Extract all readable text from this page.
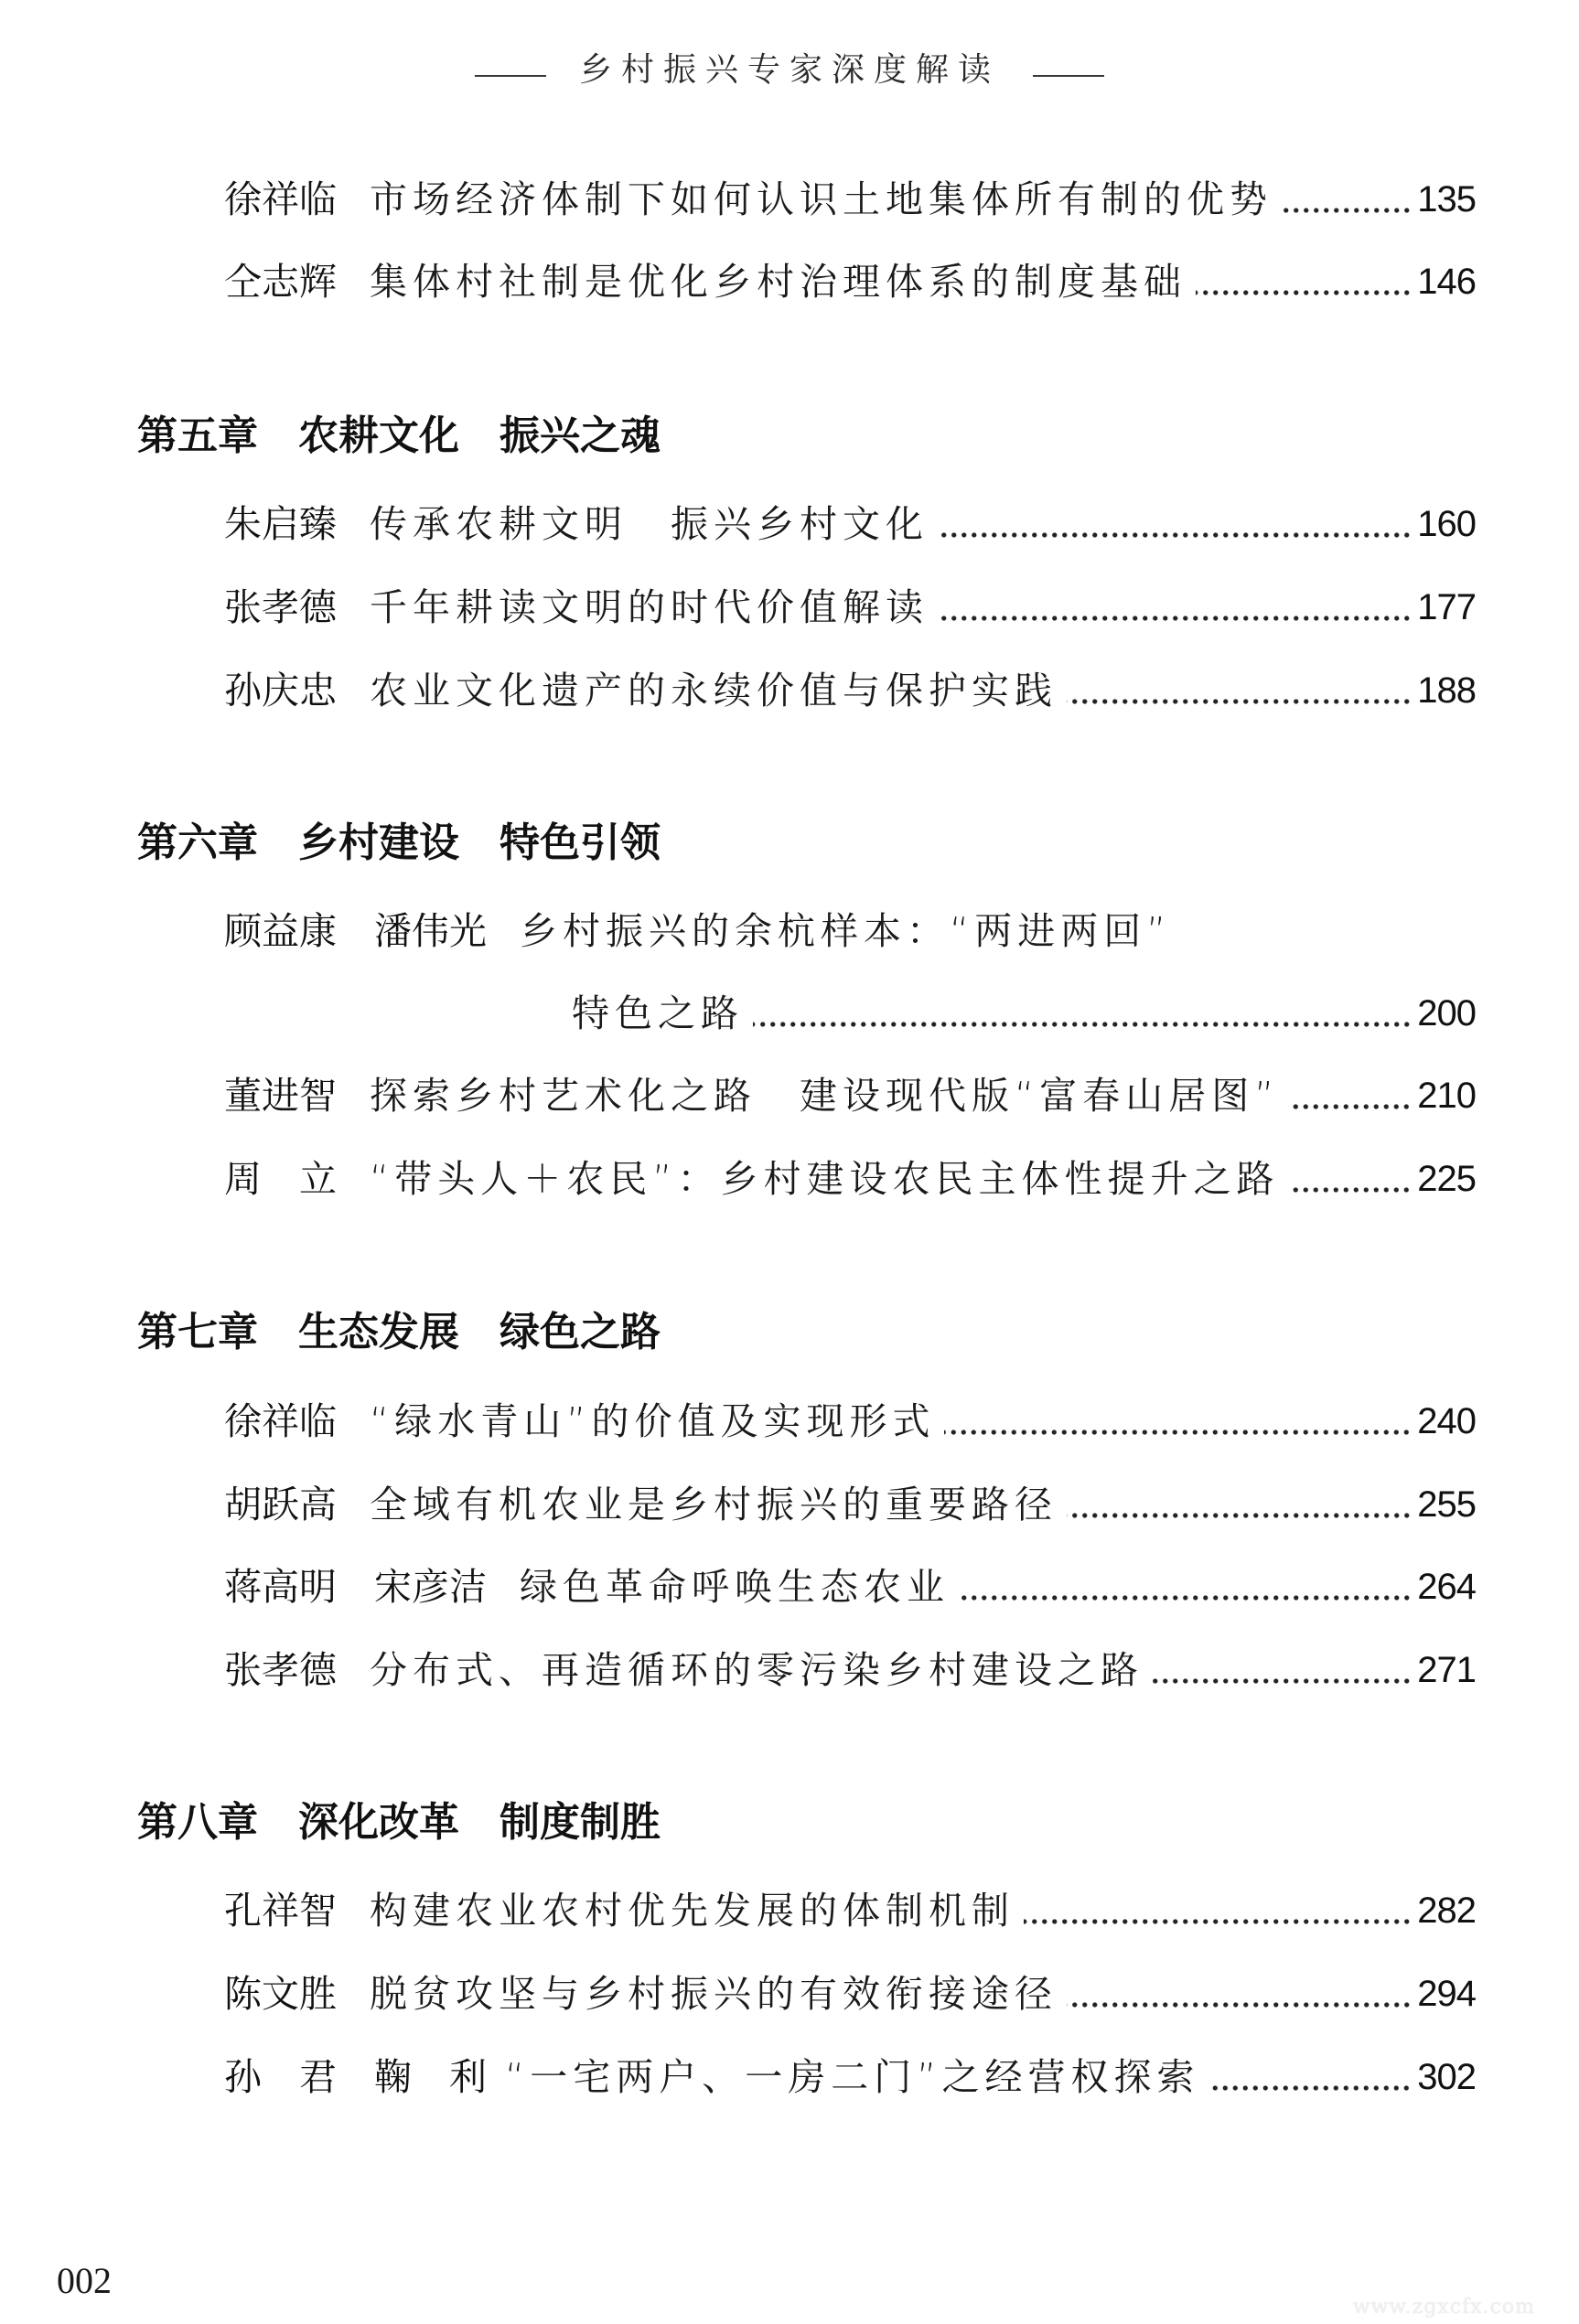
乡村振兴专家深度解读
徐祥临 市场经济体制下如何认识土地集体所有制的优势	135
仝志辉 集体村社制是优化乡村治理体系的制度基础	146
第五章　农耕文化　振兴之魂
朱启臻 传承农耕文明　振兴乡村文化	160
张孝德 千年耕读文明的时代价值解读	177
孙庆忠 农业文化遗产的永续价值与保护实践	188
第六章　乡村建设　特色引领
顾益康　潘伟光 乡村振兴的余杭样本：“两进两回”
特色之路	200
董进智 探索乡村艺术化之路　建设现代版“富春山居图”	210
周　立 “带头人＋农民”：乡村建设农民主体性提升之路	225
第七章　生态发展　绿色之路
徐祥临 “绿水青山”的价值及实现形式	240
胡跃高 全域有机农业是乡村振兴的重要路径	255
蒋高明　宋彦洁 绿色革命呼唤生态农业	264
张孝德 分布式、再造循环的零污染乡村建设之路	271
第八章　深化改革　制度制胜
孔祥智 构建农业农村优先发展的体制机制	282
陈文胜 脱贫攻坚与乡村振兴的有效衔接途径	294
孙　君　鞠　利 “一宅两户、一房二门”之经营权探索	302
002
www.zgxcfx.com
